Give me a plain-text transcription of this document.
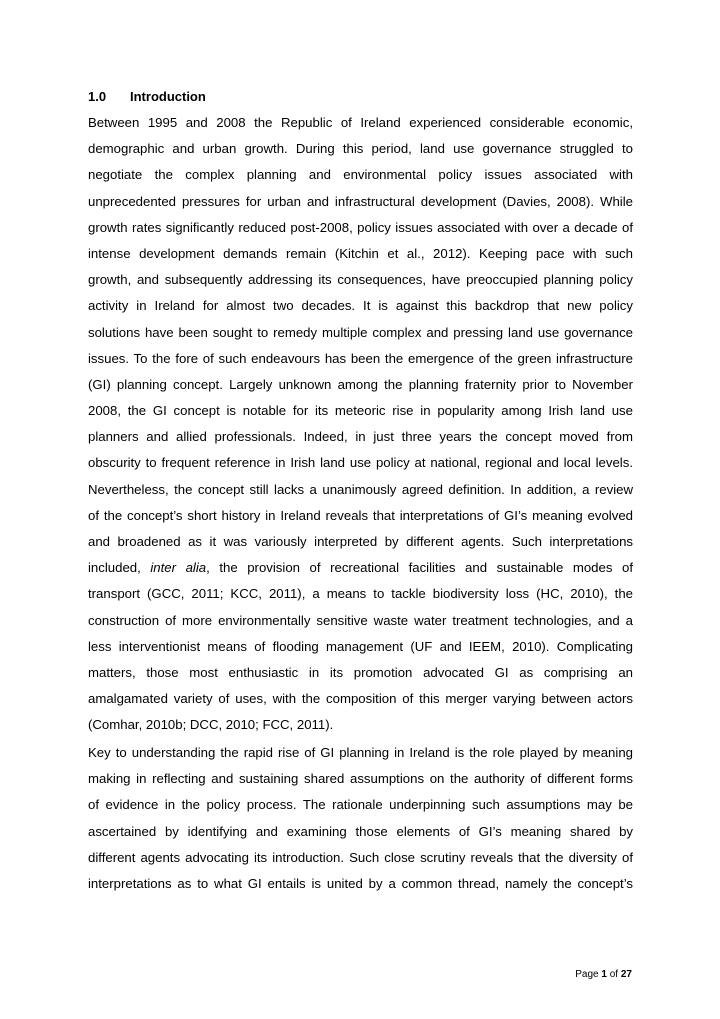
1.0 Introduction
Between 1995 and 2008 the Republic of Ireland experienced considerable economic,
demographic and urban growth. During this period, land use governance struggled to
negotiate the complex planning and environmental policy issues associated with
unprecedented pressures for urban and infrastructural development (Davies, 2008). While
growth rates significantly reduced post-2008, policy issues associated with over a decade of
intense development demands remain (Kitchin et al., 2012). Keeping pace with such
growth, and subsequently addressing its consequences, have preoccupied planning policy
activity in Ireland for almost two decades. It is against this backdrop that new policy
solutions have been sought to remedy multiple complex and pressing land use governance
issues. To the fore of such endeavours has been the emergence of the green infrastructure
(GI) planning concept. Largely unknown among the planning fraternity prior to November
2008, the GI concept is notable for its meteoric rise in popularity among Irish land use
planners and allied professionals. Indeed, in just three years the concept moved from
obscurity to frequent reference in Irish land use policy at national, regional and local levels.
Nevertheless, the concept still lacks a unanimously agreed definition. In addition, a review
of the concept’s short history in Ireland reveals that interpretations of GI’s meaning evolved
and broadened as it was variously interpreted by different agents. Such interpretations
included, inter alia, the provision of recreational facilities and sustainable modes of
transport (GCC, 2011; KCC, 2011), a means to tackle biodiversity loss (HC, 2010), the
construction of more environmentally sensitive waste water treatment technologies, and a
less interventionist means of flooding management (UF and IEEM, 2010). Complicating
matters, those most enthusiastic in its promotion advocated GI as comprising an
amalgamated variety of uses, with the composition of this merger varying between actors
(Comhar, 2010b; DCC, 2010; FCC, 2011).
Key to understanding the rapid rise of GI planning in Ireland is the role played by meaning
making in reflecting and sustaining shared assumptions on the authority of different forms
of evidence in the policy process. The rationale underpinning such assumptions may be
ascertained by identifying and examining those elements of GI’s meaning shared by
different agents advocating its introduction. Such close scrutiny reveals that the diversity of
interpretations as to what GI entails is united by a common thread, namely the concept’s
Page 1 of 27
